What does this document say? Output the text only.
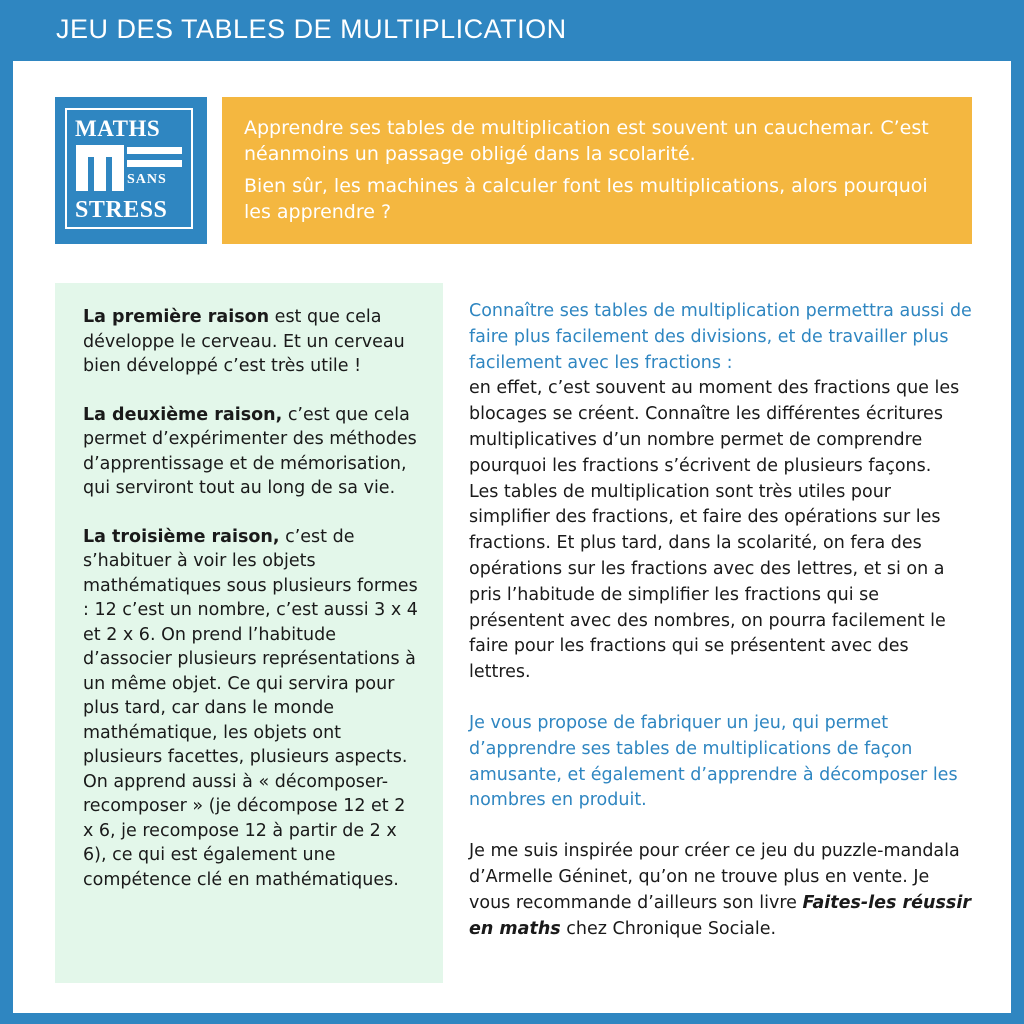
JEU DES TABLES DE MULTIPLICATION
MATHS
SANS
STRESS

Apprendre ses tables de multiplication est souvent un cauchemar. C’est néanmoins un passage obligé dans la scolarité.

Bien sûr, les machines à calculer font les multiplications, alors pourquoi les apprendre ?

La première raison est que cela développe le cerveau. Et un cerveau bien développé c’est très utile !

La deuxième raison, c’est que cela permet d’expérimenter des méthodes d’apprentissage et de mémorisation, qui serviront tout au long de sa vie.

La troisième raison, c’est de s’habituer à voir les objets mathématiques sous plusieurs formes : 12 c’est un nombre, c’est aussi 3 x 4 et 2 x 6. On prend l’habitude d’associer plusieurs représentations à un même objet. Ce qui servira pour plus tard, car dans le monde mathématique, les objets ont plusieurs facettes, plusieurs aspects. On apprend aussi à « décomposer-recomposer » (je décompose 12 et 2 x 6, je recompose 12 à partir de 2 x 6), ce qui est également une compétence clé en mathématiques.

Connaître ses tables de multiplication permettra aussi de faire plus facilement des divisions, et de travailler plus facilement avec les fractions :
en effet, c’est souvent au moment des fractions que les blocages se créent. Connaître les différentes écritures multiplicatives d’un nombre permet de comprendre pourquoi les fractions s’écrivent de plusieurs façons.
Les tables de multiplication sont très utiles pour simplifier des fractions, et faire des opérations sur les fractions. Et plus tard, dans la scolarité, on fera des opérations sur les fractions avec des lettres, et si on a pris l’habitude de simplifier les fractions qui se présentent avec des nombres, on pourra facilement le faire pour les fractions qui se présentent avec des lettres.

Je vous propose de fabriquer un jeu, qui permet d’apprendre ses tables de multiplications de façon amusante, et également d’apprendre à décomposer les nombres en produit.

Je me suis inspirée pour créer ce jeu du puzzle-mandala d’Armelle Géninet, qu’on ne trouve plus en vente. Je vous recommande d’ailleurs son livre Faites-les réussir en maths chez Chronique Sociale.
